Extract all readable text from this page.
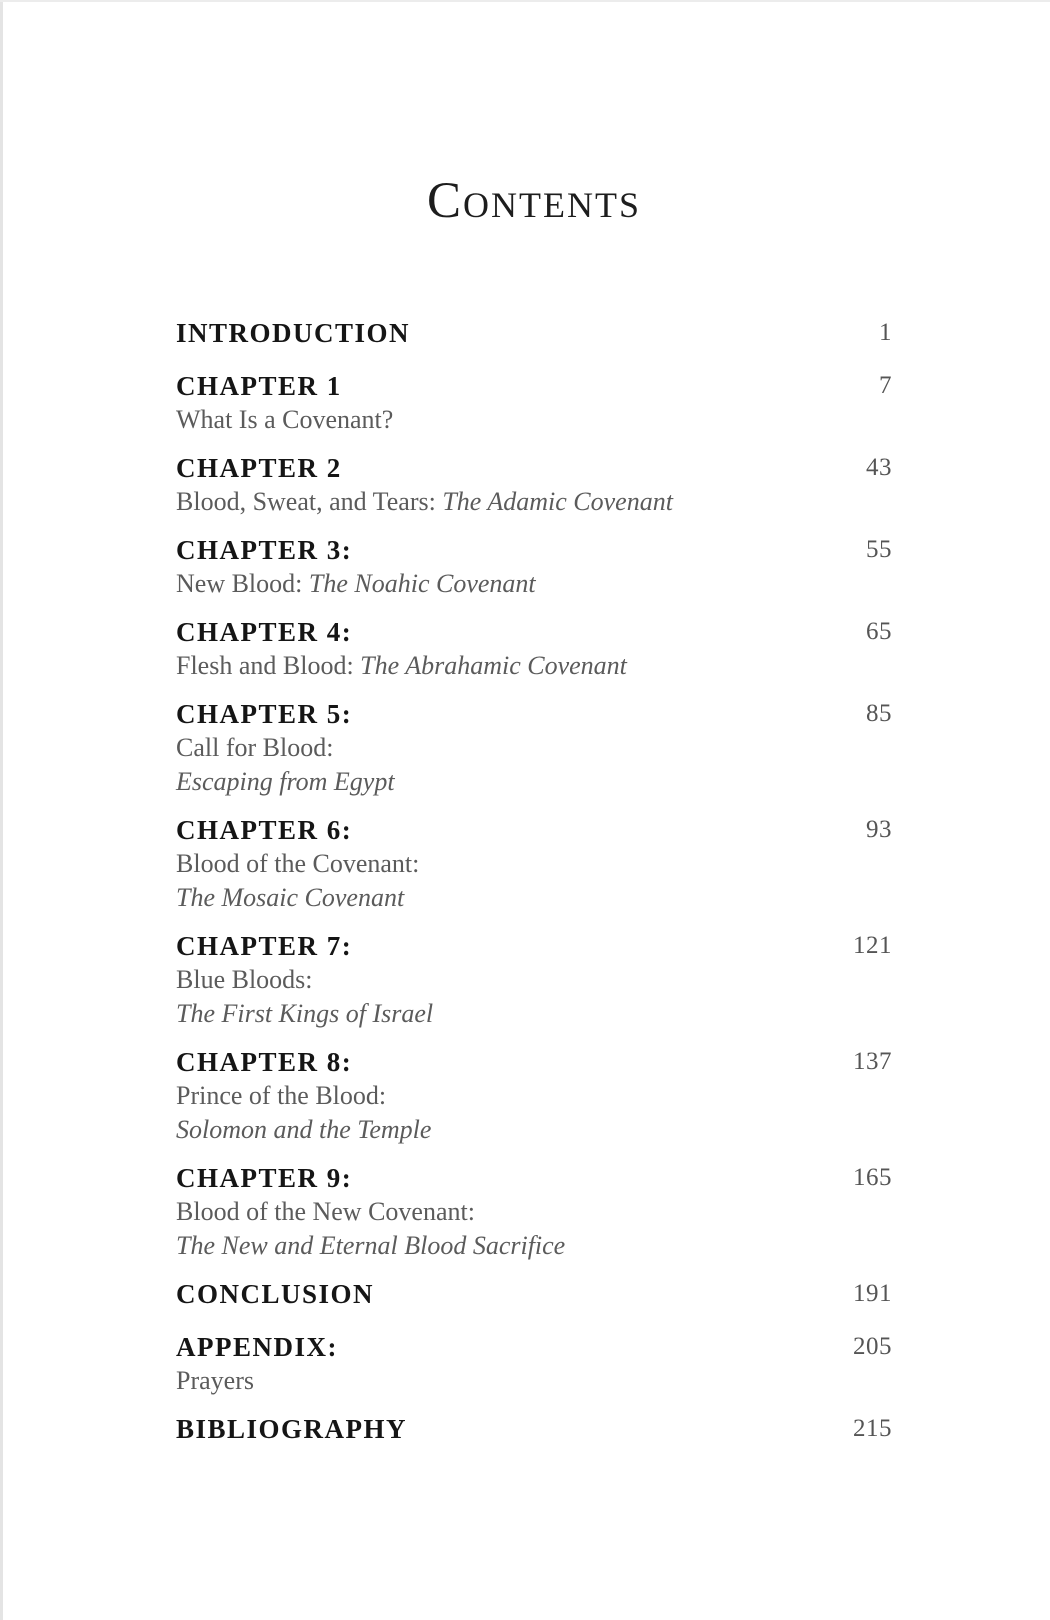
Contents
INTRODUCTION	1
CHAPTER 1	7
What Is a Covenant?
CHAPTER 2	43
Blood, Sweat, and Tears: The Adamic Covenant
CHAPTER 3:	55
New Blood: The Noahic Covenant
CHAPTER 4:	65
Flesh and Blood: The Abrahamic Covenant
CHAPTER 5:	85
Call for Blood:
Escaping from Egypt
CHAPTER 6:	93
Blood of the Covenant:
The Mosaic Covenant
CHAPTER 7:	121
Blue Bloods:
The First Kings of Israel
CHAPTER 8:	137
Prince of the Blood:
Solomon and the Temple
CHAPTER 9:	165
Blood of the New Covenant:
The New and Eternal Blood Sacrifice
CONCLUSION	191
APPENDIX:	205
Prayers
BIBLIOGRAPHY	215
